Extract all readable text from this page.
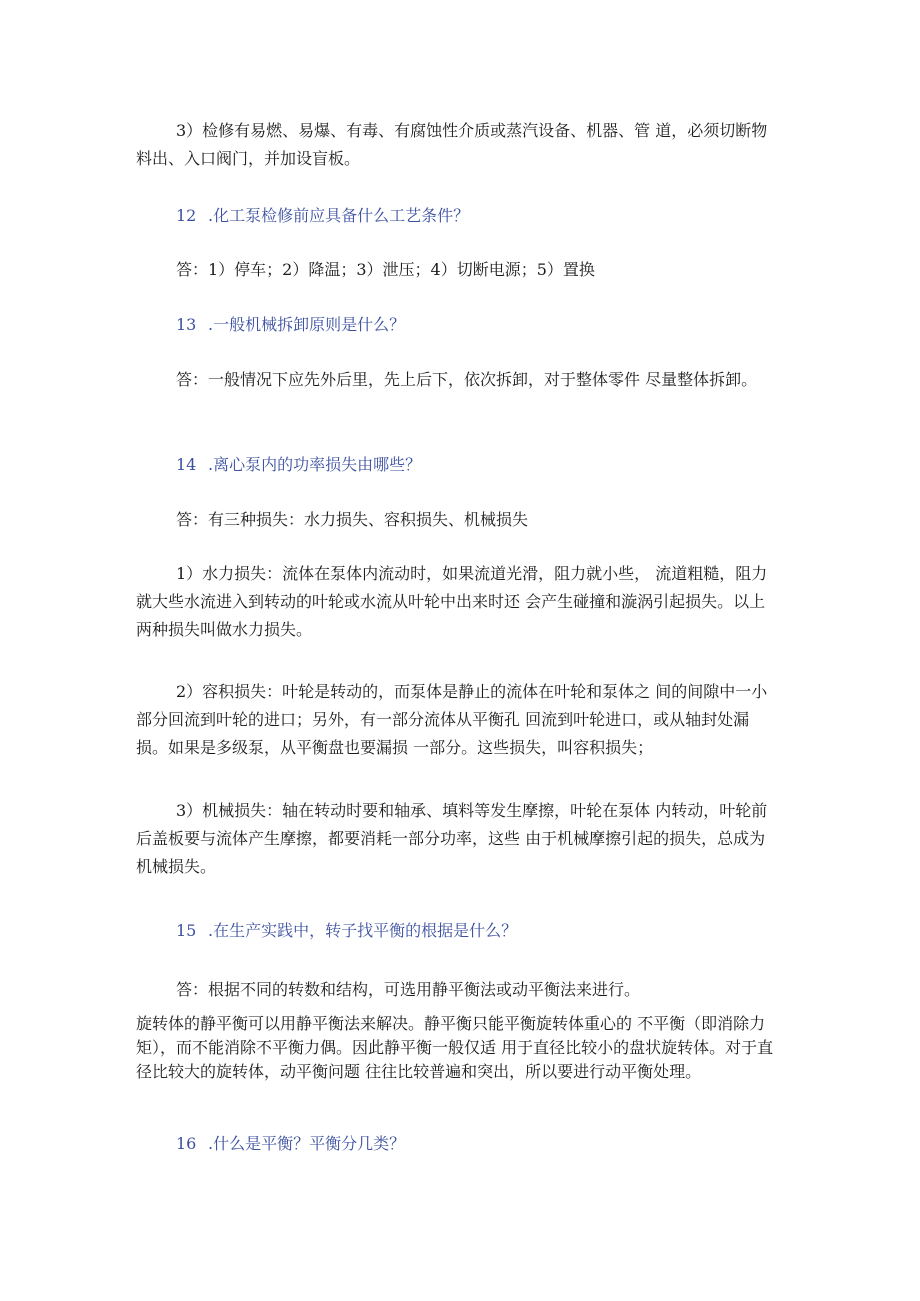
3）检修有易燃、易爆、有毒、有腐蚀性介质或蒸汽设备、机器、管 道，必须切断物料出、入口阀门，并加设盲板。

12 .化工泵检修前应具备什么工艺条件？

答：1）停车；2）降温；3）泄压；4）切断电源；5）置换

13 .一般机械拆卸原则是什么？

答：一般情况下应先外后里，先上后下，依次拆卸，对于整体零件 尽量整体拆卸。

14 .离心泵内的功率损失由哪些？

答：有三种损失：水力损失、容积损失、机械损失

1）水力损失：流体在泵体内流动时，如果流道光滑，阻力就小些， 流道粗糙，阻力就大些水流进入到转动的叶轮或水流从叶轮中出来时还 会产生碰撞和漩涡引起损失。以上两种损失叫做水力损失。

2）容积损失：叶轮是转动的，而泵体是静止的流体在叶轮和泵体之 间的间隙中一小部分回流到叶轮的进口；另外，有一部分流体从平衡孔 回流到叶轮进口，或从轴封处漏损。如果是多级泵，从平衡盘也要漏损 一部分。这些损失，叫容积损失；

3）机械损失：轴在转动时要和轴承、填料等发生摩擦，叶轮在泵体 内转动，叶轮前后盖板要与流体产生摩擦，都要消耗一部分功率，这些 由于机械摩擦引起的损失，总成为机械损失。

15 .在生产实践中，转子找平衡的根据是什么？

答：根据不同的转数和结构，可选用静平衡法或动平衡法来进行。

旋转体的静平衡可以用静平衡法来解决。静平衡只能平衡旋转体重心的 不平衡（即消除力矩），而不能消除不平衡力偶。因此静平衡一般仅适 用于直径比较小的盘状旋转体。对于直径比较大的旋转体，动平衡问题 往往比较普遍和突出，所以要进行动平衡处理。

16 .什么是平衡？平衡分几类？
